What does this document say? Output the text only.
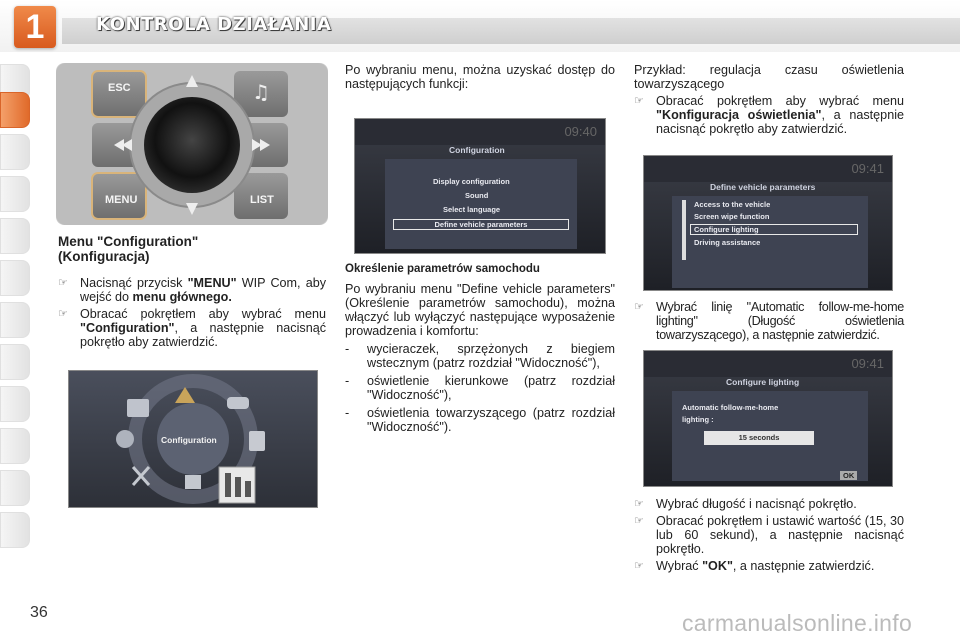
1	KONTROLA DZIAŁANIA
♫
ESC
MENU	LIST
Menu "Configuration"
(Konfiguracja)
☞ Nacisnąć przycisk "MENU" WIP Com, aby wejść do menu głównego.
☞ Obracać pokrętłem aby wybrać menu "Configuration", a następnie nacisnąć pokrętło aby zatwierdzić.
Configuration
Po wybraniu menu, można uzyskać dostęp do następujących funkcji:
09:40
Configuration
Display configuration
Sound
Select language
Define vehicle parameters
Określenie parametrów samochodu
Po wybraniu menu "Define vehicle parameters" (Określenie parametrów samochodu), można włączyć lub wyłączyć następujące wyposażenie prowadzenia i komfortu:
-	wycieraczek, sprzężonych z biegiem wstecznym (patrz rozdział "Widoczność"),
-	oświetlenie kierunkowe (patrz rozdział "Widoczność"),
-	oświetlenia towarzyszącego (patrz rozdział "Widoczność").
Przykład: regulacja czasu oświetlenia towarzyszącego
☞ Obracać pokrętłem aby wybrać menu "Konfiguracja oświetlenia", a następnie nacisnąć pokrętło aby zatwierdzić.
09:41
Define vehicle parameters
Access to the vehicle
Screen wipe function
Configure lighting
Driving assistance
☞ Wybrać linię "Automatic follow-me-home lighting" (Długość oświetlenia towarzyszącego), a następnie zatwierdzić.
09:41
Configure lighting
Automatic follow-me-home
lighting :
15 seconds
OK
☞ Wybrać długość i nacisnąć pokrętło.
☞ Obracać pokrętłem i ustawić wartość (15, 30 lub 60 sekund), a następnie nacisnąć pokrętło.
☞ Wybrać "OK", a następnie zatwierdzić.
36	carmanualsonline.info
